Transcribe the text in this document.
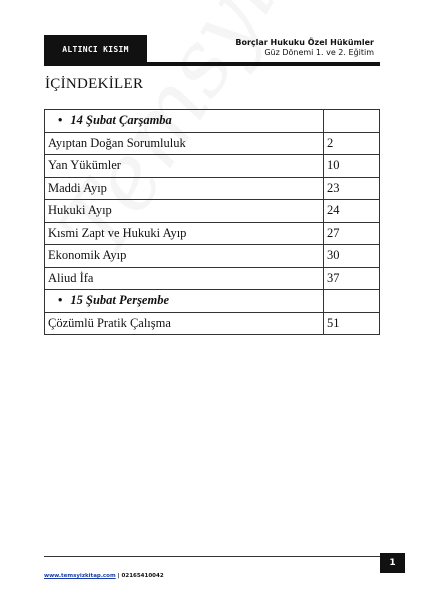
ALTINCI KISIM
Borçlar Hukuku Özel Hükümler
Güz Dönemi 1. ve 2. Eğitim
İÇİNDEKİLER
• 14 Şubat Çarşamba	
Ayıptan Doğan Sorumluluk	2
Yan Yükümler	10
Maddi Ayıp	23
Hukuki Ayıp	24
Kısmi Zapt ve Hukuki Ayıp	27
Ekonomik Ayıp	30
Aliud İfa	37
• 15 Şubat Perşembe	
Çözümlü Pratik Çalışma	51
1
www.temsyizkitap.com | 02165410042
